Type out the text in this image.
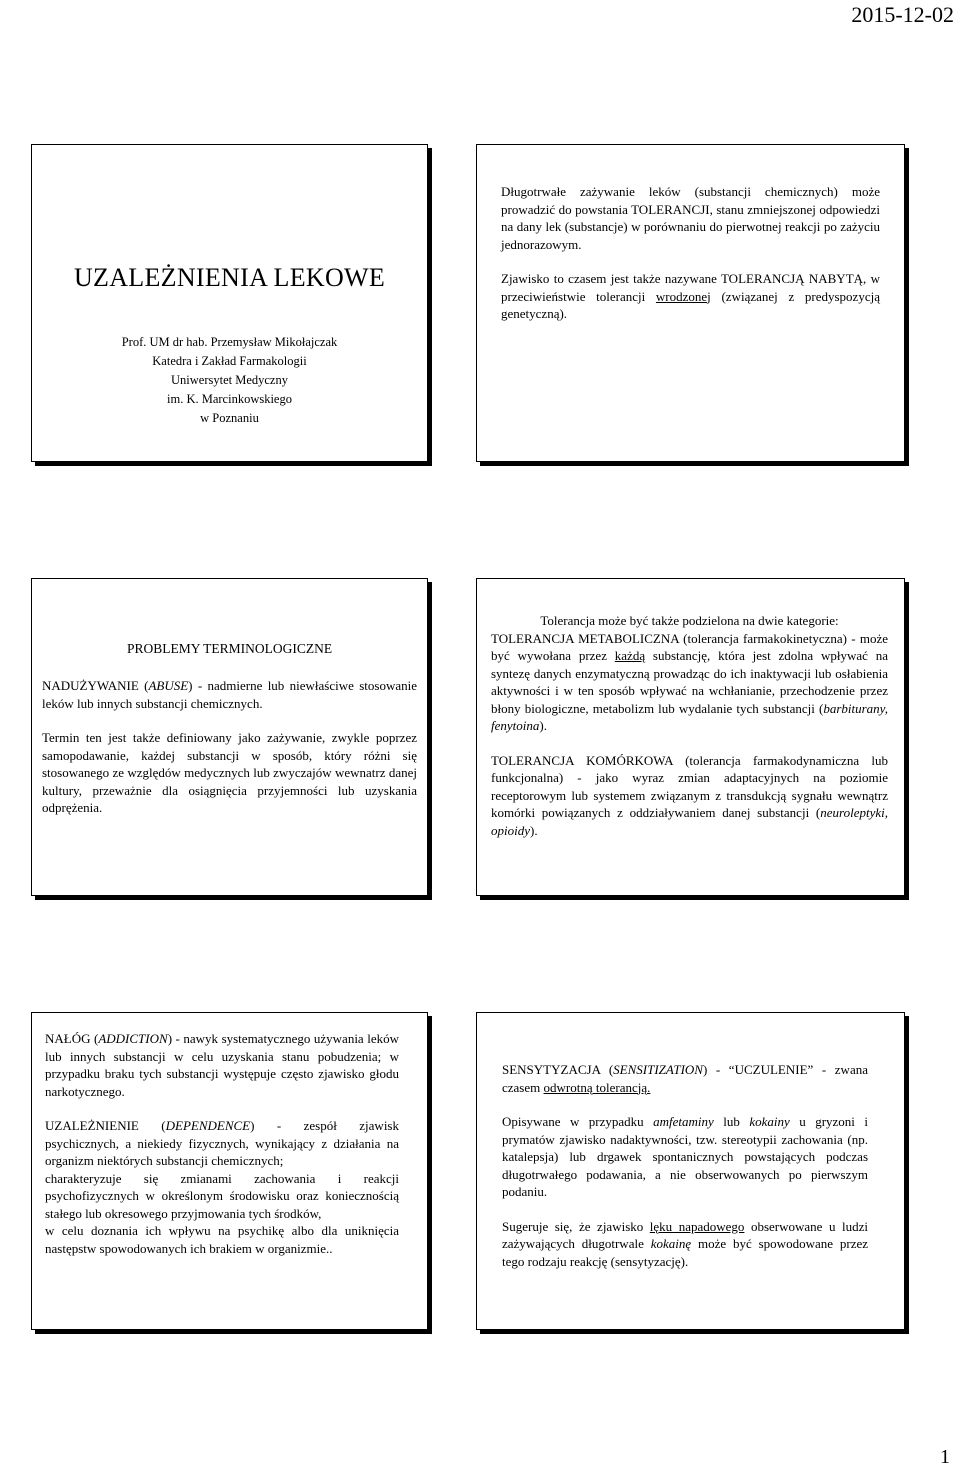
2015-12-02
UZALEŻNIENIA LEKOWE
Prof. UM dr hab. Przemysław Mikołajczak
Katedra i Zakład Farmakologii
Uniwersytet Medyczny
im. K. Marcinkowskiego
w Poznaniu

Długotrwałe zażywanie leków (substancji chemicznych) może prowadzić do powstania TOLERANCJI, stanu zmniejszonej odpowiedzi na dany lek (substancje) w porównaniu do pierwotnej reakcji po zażyciu jednorazowym.

Zjawisko to czasem jest także nazywane TOLERANCJĄ NABYTĄ, w przeciwieństwie tolerancji wrodzonej (związanej z predyspozycją genetyczną).

PROBLEMY TERMINOLOGICZNE

NADUŻYWANIE (ABUSE) - nadmierne lub niewłaściwe stosowanie leków lub innych substancji chemicznych.

Termin ten jest także definiowany jako zażywanie, zwykle poprzez samopodawanie, każdej substancji w sposób, który różni się stosowanego ze względów medycznych lub zwyczajów wewnatrz danej kultury, przeważnie dla osiągnięcia przyjemności lub uzyskania odprężenia.

Tolerancja może być także podzielona na dwie kategorie:
TOLERANCJA METABOLICZNA (tolerancja farmakokinetyczna) - może być wywołana przez każdą substancję, która jest zdolna wpływać na syntezę danych enzymatyczną prowadząc do ich inaktywacji lub osłabienia aktywności i w ten sposób wpływać na wchłanianie, przechodzenie przez błony biologiczne, metabolizm lub wydalanie tych substancji (barbiturany, fenytoina).

TOLERANCJA KOMÓRKOWA (tolerancja farmakodynamiczna lub funkcjonalna) - jako wyraz zmian adaptacyjnych na poziomie receptorowym lub systemem związanym z transdukcją sygnału wewnątrz komórki powiązanych z oddziaływaniem danej substancji (neuroleptyki, opioidy).

NAŁÓG (ADDICTION) - nawyk systematycznego używania leków lub innych substancji w celu uzyskania stanu pobudzenia; w przypadku braku tych substancji występuje często zjawisko głodu narkotycznego.

UZALEŻNIENIE (DEPENDENCE) - zespół zjawisk psychicznych, a niekiedy fizycznych, wynikający z działania na organizm niektórych substancji chemicznych;
charakteryzuje się zmianami zachowania i reakcji psychofizycznych w określonym środowisku oraz koniecznością stałego lub okresowego przyjmowania tych środków,
w celu doznania ich wpływu na psychikę albo dla uniknięcia następstw spowodowanych ich brakiem w organizmie..

SENSYTYZACJA (SENSITIZATION) - “UCZULENIE” - zwana czasem odwrotną tolerancją.

Opisywane w przypadku amfetaminy lub kokainy u gryzoni i prymatów zjawisko nadaktywności, tzw. stereotypii zachowania (np. katalepsja) lub drgawek spontanicznych powstających podczas długotrwałego podawania, a nie obserwowanych po pierwszym podaniu.

Sugeruje się, że zjawisko lęku napadowego obserwowane u ludzi zażywających długotrwale kokainę może być spowodowane przez tego rodzaju reakcję (sensytyzację).

1
